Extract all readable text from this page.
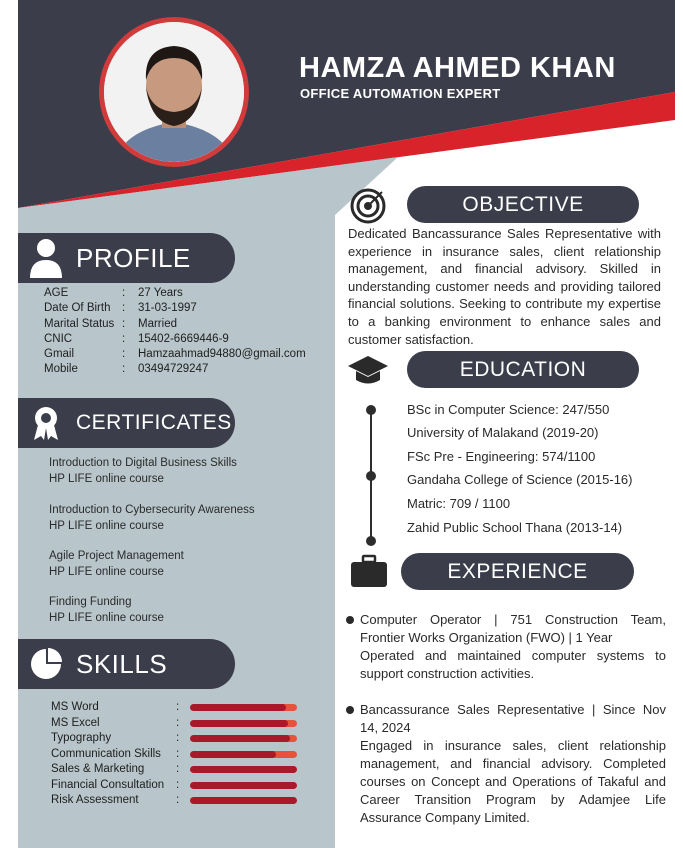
HAMZA AHMED KHAN
OFFICE AUTOMATION EXPERT
PROFILE
AGE	:	27 Years
Date Of Birth	:	31-03-1997
Marital Status :	Married
CNIC	:	15402-6669446-9
Gmail	:	Hamzaahmad94880@gmail.com
Mobile	:	03494729247
CERTIFICATES
Introduction to Digital Business Skills
HP LIFE online course
Introduction to Cybersecurity Awareness
HP LIFE online course
Agile Project Management
HP LIFE online course
Finding Funding
HP LIFE online course
SKILLS
MS Word	:
MS Excel	:
Typography	:
Communication Skills	:
Sales & Marketing	:
Financial Consultation	:
Risk Assessment	:
OBJECTIVE
Dedicated Bancassurance Sales Representative with experience in insurance sales, client relationship management, and financial advisory. Skilled in understanding customer needs and providing tailored financial solutions. Seeking to contribute my expertise to a banking environment to enhance sales and customer satisfaction.
EDUCATION
BSc in Computer Science: 247/550
University of Malakand (2019-20)
FSc Pre - Engineering: 574/1100
Gandaha College of Science (2015-16)
Matric: 709 / 1100
Zahid Public School Thana (2013-14)
EXPERIENCE
Computer Operator | 751 Construction Team, Frontier Works Organization (FWO) | 1 Year
Operated and maintained computer systems to support construction activities.
Bancassurance Sales Representative | Since Nov 14, 2024
Engaged in insurance sales, client relationship management, and financial advisory. Completed courses on Concept and Operations of Takaful and Career Transition Program by Adamjee Life Assurance Company Limited.
